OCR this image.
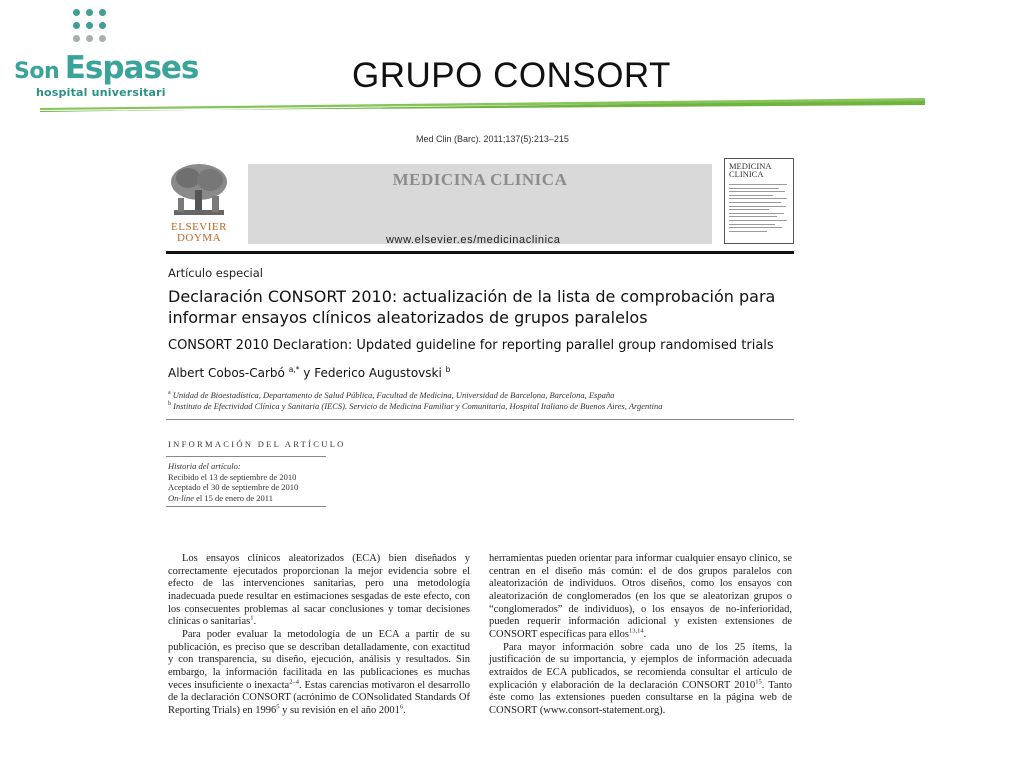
Son Espases
hospital universitari	GRUPO CONSORT
Med Clin (Barc). 2011;137(5):213–215
ELSEVIER DOYMA
MEDICINA CLINICA
www.elsevier.es/medicinaclinica
MEDICINA CLINICA
Artículo especial
Declaración CONSORT 2010: actualización de la lista de comprobación para informar ensayos clínicos aleatorizados de grupos paralelos
CONSORT 2010 Declaration: Updated guideline for reporting parallel group randomised trials
Albert Cobos-Carbó $^{a,*}$ y Federico Augustovski $^b$
$^a$ Unidad de Bioestadística, Departamento de Salud Pública, Facultad de Medicina, Universidad de Barcelona, Barcelona, España
$^b$ Instituto de Efectividad Clínica y Sanitaria (IECS). Servicio de Medicina Familiar y Comunitaria, Hospital Italiano de Buenos Aires, Argentina
INFORMACIÓN DEL ARTÍCULO
Historia del artículo:
Recibido el 13 de septiembre de 2010
Aceptado el 30 de septiembre de 2010
On-line el 15 de enero de 2011

Los ensayos clínicos aleatorizados (ECA) bien diseñados y correctamente ejecutados proporcionan la mejor evidencia sobre el efecto de las intervenciones sanitarias, pero una metodología inadecuada puede resultar en estimaciones sesgadas de este efecto, con los consecuentes problemas al sacar conclusiones y tomar decisiones clínicas o sanitarias$^1$.

Para poder evaluar la metodología de un ECA a partir de su publicación, es preciso que se describan detalladamente, con exactitud y con transparencia, su diseño, ejecución, análisis y resultados. Sin embargo, la información facilitada en las publicaciones es muchas veces insuficiente o inexacta$^{2-4}$. Estas carencias motivaron el desarrollo de la declaración CONSORT (acrónimo de CONsolidated Standards Of Reporting Trials) en 1996$^5$ y su revisión en el año 2001$^6$.

herramientas pueden orientar para informar cualquier ensayo clínico, se centran en el diseño más común: el de dos grupos paralelos con aleatorización de individuos. Otros diseños, como los ensayos con aleatorización de conglomerados (en los que se aleatorizan grupos o “conglomerados” de individuos), o los ensayos de no-inferioridad, pueden requerir información adicional y existen extensiones de CONSORT específicas para ellos$^{13,14}$.

Para mayor información sobre cada uno de los 25 ítems, la justificación de su importancia, y ejemplos de información adecuada extraídos de ECA publicados, se recomienda consultar el artículo de explicación y elaboración de la declaración CONSORT 2010$^{15}$. Tanto éste como las extensiones pueden consultarse en la página web de CONSORT (www.consort-statement.org).
